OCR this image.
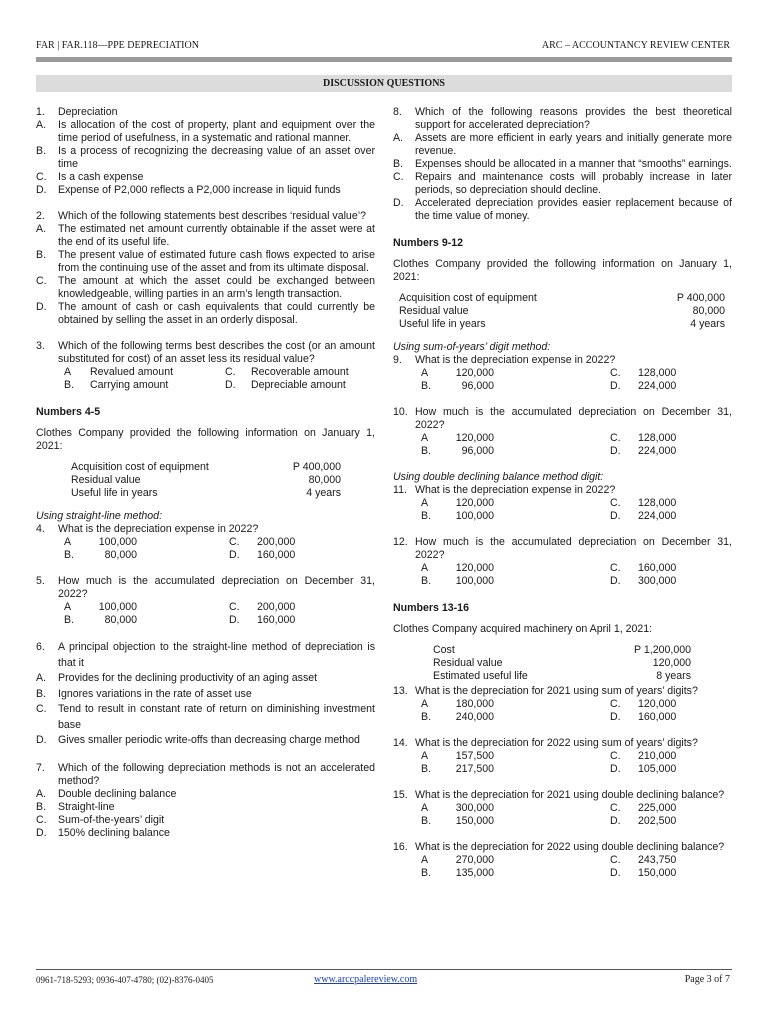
FAR | FAR.118—PPE DEPRECIATION	ARC – ACCOUNTANCY REVIEW CENTER
DISCUSSION QUESTIONS
1. Depreciation
A. Is allocation of the cost of property, plant and equipment over the time period of usefulness, in a systematic and rational manner.
B. Is a process of recognizing the decreasing value of an asset over time
C. Is a cash expense
D. Expense of P2,000 reflects a P2,000 increase in liquid funds
2. Which of the following statements best describes ‘residual value’?
A. The estimated net amount currently obtainable if the asset were at the end of its useful life.
B. The present value of estimated future cash flows expected to arise from the continuing use of the asset and from its ultimate disposal.
C. The amount at which the asset could be exchanged between knowledgeable, willing parties in an arm’s length transaction.
D. The amount of cash or cash equivalents that could currently be obtained by selling the asset in an orderly disposal.
3. Which of the following terms best describes the cost (or an amount substituted for cost) of an asset less its residual value?
A	Revalued amount	C.	Recoverable amount
B.	Carrying amount	D.	Depreciable amount
Numbers 4-5
Clothes Company provided the following information on January 1, 2021:
Acquisition cost of equipment	P 400,000
Residual value	80,000
Useful life in years	4 years
Using straight-line method:
4. What is the depreciation expense in 2022?
A	100,000	C.	200,000
B.	80,000	D.	160,000
5. How much is the accumulated depreciation on December 31, 2022?
A	100,000	C.	200,000
B.	80,000	D.	160,000
6. A principal objection to the straight-line method of depreciation is that it
A. Provides for the declining productivity of an aging asset
B. Ignores variations in the rate of asset use
C. Tend to result in constant rate of return on diminishing investment base
D. Gives smaller periodic write-offs than decreasing charge method
7. Which of the following depreciation methods is not an accelerated method?
A. Double declining balance
B. Straight-line
C. Sum-of-the-years’ digit
D. 150% declining balance
8. Which of the following reasons provides the best theoretical support for accelerated depreciation?
A. Assets are more efficient in early years and initially generate more revenue.
B. Expenses should be allocated in a manner that “smooths” earnings.
C. Repairs and maintenance costs will probably increase in later periods, so depreciation should decline.
D. Accelerated depreciation provides easier replacement because of the time value of money.
Numbers 9-12
Clothes Company provided the following information on January 1, 2021:
Acquisition cost of equipment	P 400,000
Residual value	80,000
Useful life in years	4 years
Using sum-of-years’ digit method:
9. What is the depreciation expense in 2022?
A	120,000	C.	128,000
B.	96,000	D.	224,000
10. How much is the accumulated depreciation on December 31, 2022?
A	120,000	C.	128,000
B.	96,000	D.	224,000
Using double declining balance method digit:
11. What is the depreciation expense in 2022?
A	120,000	C.	128,000
B.	100,000	D.	224,000
12. How much is the accumulated depreciation on December 31, 2022?
A	120,000	C.	160,000
B.	100,000	D.	300,000
Numbers 13-16
Clothes Company acquired machinery on April 1, 2021:
Cost	P 1,200,000
Residual value	120,000
Estimated useful life	8 years
13. What is the depreciation for 2021 using sum of years’ digits?
A	180,000	C.	120,000
B.	240,000	D.	160,000
14. What is the depreciation for 2022 using sum of years’ digits?
A	157,500	C.	210,000
B.	217,500	D.	105,000
15. What is the depreciation for 2021 using double declining balance?
A	300,000	C.	225,000
B.	150,000	D.	202,500
16. What is the depreciation for 2022 using double declining balance?
A	270,000	C.	243,750
B.	135,000	D.	150,000
0961-718-5293; 0936-407-4780; (02)-8376-0405	www.arccpalereview.com	Page 3 of 7
